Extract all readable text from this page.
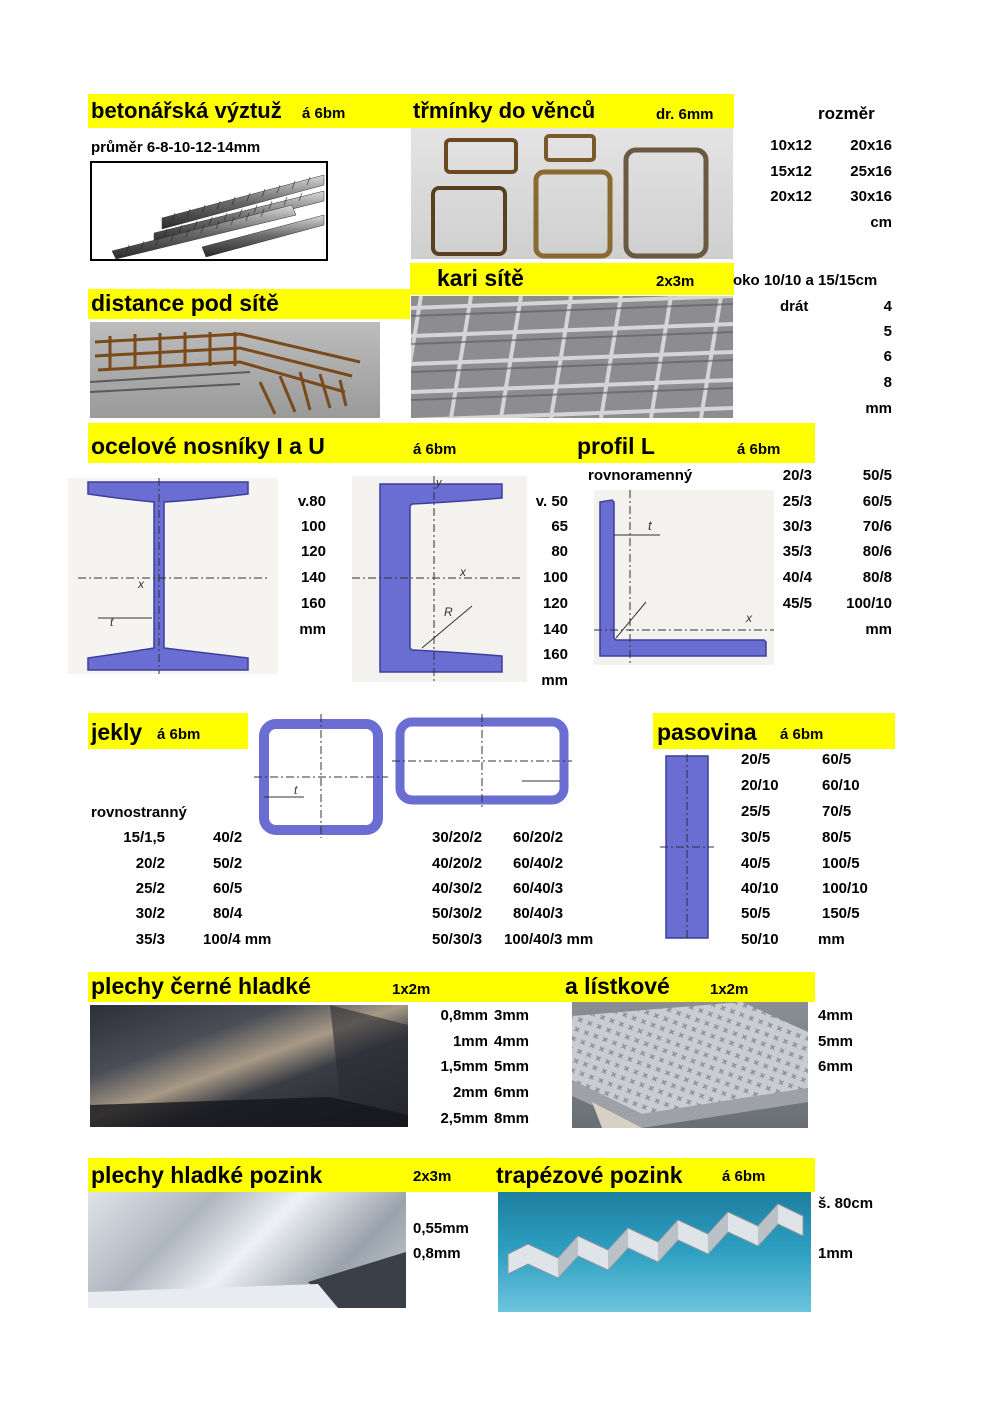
betonářská výztuž á 6bm
průměr 6-8-10-12-14mm
třmínky do věnců	dr. 6mm	rozměr
10x12	20x16
15x12	25x16
20x12	30x16
cm
distance pod sítě
kari sítě	2x3m	oko 10/10 a 15/15cm
drát	4
5
6
8
mm
ocelové nosníky I a U	á 6bm	profil L	á 6bm
x
t
v.80
100
120
140
160
mm
x
y
R
v. 50
65
80
100
120
140
160
mm
rovnoramenný
t
x
20/3	50/5
25/3	60/5
30/3	70/6
35/3	80/6
40/4	80/8
45/5	100/10
mm
jekly á 6bm
t
rovnostranný
15/1,5	40/2
20/2	50/2
25/2	60/5
30/2	80/4
35/3	100/4 mm
30/20/2 60/20/2
40/20/2 60/40/2
40/30/2 60/40/3
50/30/2 80/40/3
50/30/3 100/40/3 mm
pasovina á 6bm
20/5	60/5
20/10	60/10
25/5	70/5
30/5	80/5
40/5	100/5
40/10	100/10
50/5	150/5
50/10	mm
plechy černé hladké	1x2m	a lístkové	1x2m
0,8mm 3mm
1mm 4mm
1,5mm 5mm
2mm 6mm
2,5mm 8mm
4mm
5mm
6mm
plechy hladké pozink	2x3m trapézové pozink	á 6bm
0,55mm
0,8mm
š. 80cm
1mm
